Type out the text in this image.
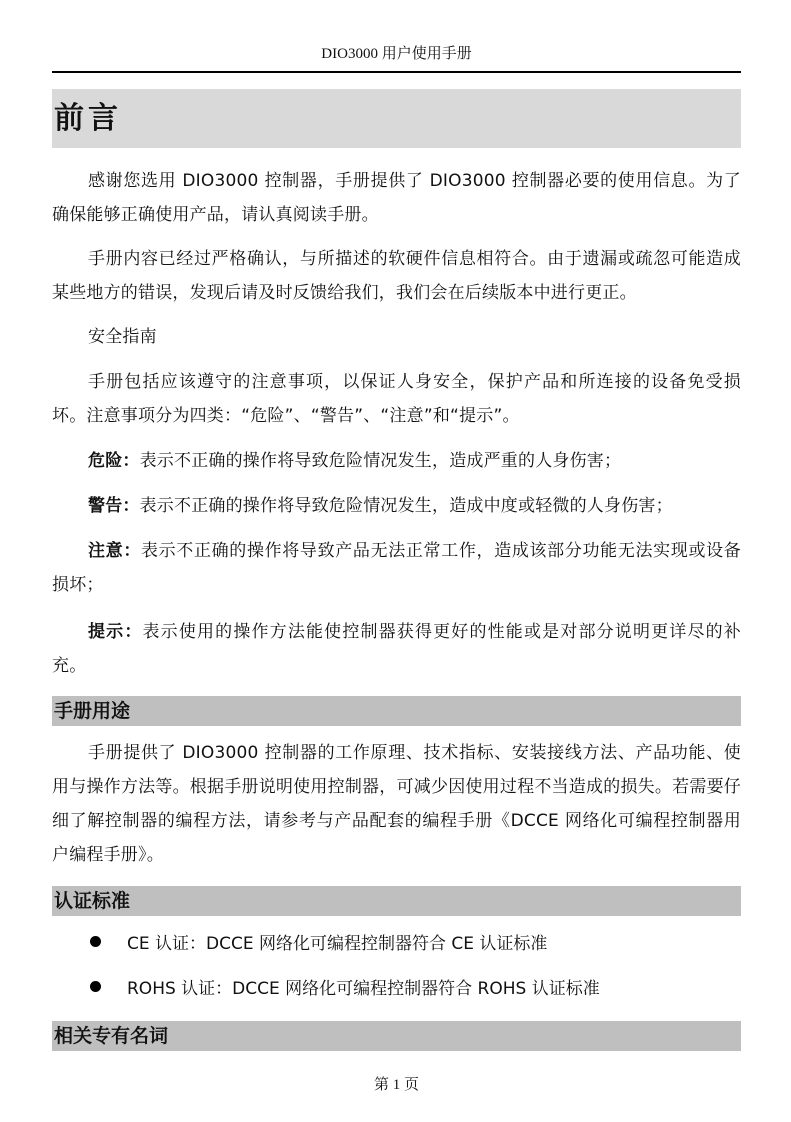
DIO3000 用户使用手册
前言
感谢您选用 DIO3000 控制器，手册提供了 DIO3000 控制器必要的使用信息。为了确保能够正确使用产品，请认真阅读手册。
手册内容已经过严格确认，与所描述的软硬件信息相符合。由于遗漏或疏忽可能造成某些地方的错误，发现后请及时反馈给我们，我们会在后续版本中进行更正。
安全指南
手册包括应该遵守的注意事项，以保证人身安全，保护产品和所连接的设备免受损坏。注意事项分为四类：“危险”、“警告”、“注意”和“提示”。
危险：表示不正确的操作将导致危险情况发生，造成严重的人身伤害；
警告：表示不正确的操作将导致危险情况发生，造成中度或轻微的人身伤害；
注意：表示不正确的操作将导致产品无法正常工作，造成该部分功能无法实现或设备损坏；
提示：表示使用的操作方法能使控制器获得更好的性能或是对部分说明更详尽的补充。
手册用途
手册提供了 DIO3000 控制器的工作原理、技术指标、安装接线方法、产品功能、使用与操作方法等。根据手册说明使用控制器，可减少因使用过程不当造成的损失。若需要仔细了解控制器的编程方法，请参考与产品配套的编程手册《DCCE 网络化可编程控制器用户编程手册》。
认证标准
CE 认证：DCCE 网络化可编程控制器符合 CE 认证标准
ROHS 认证：DCCE 网络化可编程控制器符合 ROHS 认证标准
相关专有名词
第 1 页
